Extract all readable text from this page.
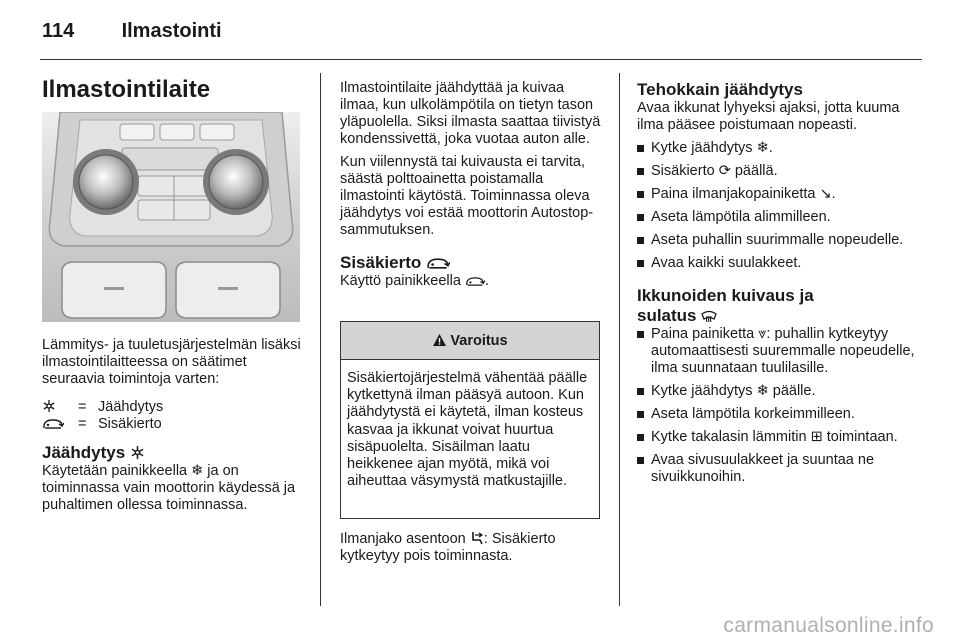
114 Ilmastointi
Ilmastointilaite

Lämmitys- ja tuuletusjärjestelmän lisäksi ilmastointilaitteessa on säätimet seuraavia toimintoja varten:

= Jäähdytys
= Sisäkierto
Jäähdytys

Käytetään painikkeella ❄ ja on toiminnassa vain moottorin käydessä ja puhaltimen ollessa toiminnassa.

Ilmastointilaite jäähdyttää ja kuivaa ilmaa, kun ulkolämpötila on tietyn tason yläpuolella. Siksi ilmasta saattaa tiivistyä kondenssivettä, joka vuotaa auton alle.

Kun viilennystä tai kuivausta ei tarvita, säästä polttoainetta poistamalla ilmastointi käytöstä. Toiminnassa oleva jäähdytys voi estää moottorin Autostop-sammutuksen.

Sisäkierto

Käyttö painikkeella .

Varoitus
Sisäkiertojärjestelmä vähentää päälle kytkettynä ilman pääsyä autoon. Kun jäähdytystä ei käytetä, ilman kosteus kasvaa ja ikkunat voivat huurtua sisäpuolelta. Sisäilman laatu heikkenee ajan myötä, mikä voi aiheuttaa väsymystä matkustajille.

Ilmanjako asentoon : Sisäkierto kytkeytyy pois toiminnasta.

Tehokkain jäähdytys

Avaa ikkunat lyhyeksi ajaksi, jotta kuuma ilma pääsee poistumaan nopeasti.

Kytke jäähdytys ❄.
Sisäkierto ⟳ päällä.
Paina ilmanjakopainiketta ↘.
Aseta lämpötila alimmilleen.
Aseta puhallin suurimmalle nopeudelle.
Avaa kaikki suulakkeet.
Ikkunoiden kuivaus ja
sulatus
Paina painiketta ⩔: puhallin kytkeytyy automaattisesti suuremmalle nopeudelle, ilma suunnataan tuulilasille.
Kytke jäähdytys ❄ päälle.
Aseta lämpötila korkeimmilleen.
Kytke takalasin lämmitin ⊞ toimintaan.
Avaa sivusuulakkeet ja suuntaa ne sivuikkunoihin.
carmanualsonline.info
